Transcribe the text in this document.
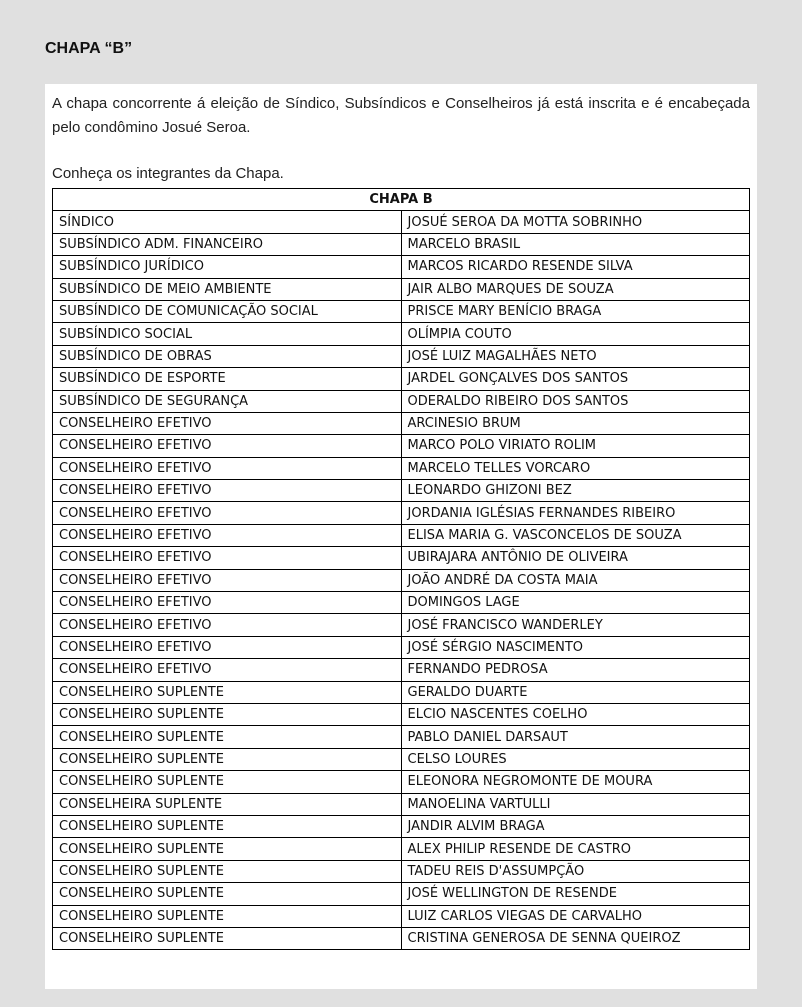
CHAPA “B”

A chapa concorrente á eleição de Síndico, Subsíndicos e Conselheiros já está inscrita e é encabeçada pelo condômino Josué Seroa.

Conheça os integrantes da Chapa.

CHAPA B	
SÍNDICO	JOSUÉ SEROA DA MOTTA SOBRINHO
SUBSÍNDICO ADM. FINANCEIRO	MARCELO BRASIL
SUBSÍNDICO JURÍDICO	MARCOS RICARDO RESENDE SILVA
SUBSÍNDICO DE MEIO AMBIENTE	JAIR ALBO MARQUES DE SOUZA
SUBSÍNDICO DE COMUNICAÇÃO SOCIAL	PRISCE MARY BENÍCIO BRAGA
SUBSÍNDICO SOCIAL	OLÍMPIA COUTO
SUBSÍNDICO DE OBRAS	JOSÉ LUIZ MAGALHÃES NETO
SUBSÍNDICO DE ESPORTE	JARDEL GONÇALVES DOS SANTOS
SUBSÍNDICO DE SEGURANÇA	ODERALDO RIBEIRO DOS SANTOS
CONSELHEIRO EFETIVO	ARCINESIO BRUM
CONSELHEIRO EFETIVO	MARCO POLO VIRIATO ROLIM
CONSELHEIRO EFETIVO	MARCELO TELLES VORCARO
CONSELHEIRO EFETIVO	LEONARDO GHIZONI BEZ
CONSELHEIRO EFETIVO	JORDANIA IGLÉSIAS FERNANDES RIBEIRO
CONSELHEIRO EFETIVO	ELISA MARIA G. VASCONCELOS DE SOUZA
CONSELHEIRO EFETIVO	UBIRAJARA ANTÔNIO DE OLIVEIRA
CONSELHEIRO EFETIVO	JOÃO ANDRÉ DA COSTA MAIA
CONSELHEIRO EFETIVO	DOMINGOS LAGE
CONSELHEIRO EFETIVO	JOSÉ FRANCISCO WANDERLEY
CONSELHEIRO EFETIVO	JOSÉ SÉRGIO NASCIMENTO
CONSELHEIRO EFETIVO	FERNANDO PEDROSA
CONSELHEIRO SUPLENTE	GERALDO DUARTE
CONSELHEIRO SUPLENTE	ELCIO NASCENTES COELHO
CONSELHEIRO SUPLENTE	PABLO DANIEL DARSAUT
CONSELHEIRO SUPLENTE	CELSO LOURES
CONSELHEIRO SUPLENTE	ELEONORA NEGROMONTE DE MOURA
CONSELHEIRA SUPLENTE	MANOELINA VARTULLI
CONSELHEIRO SUPLENTE	JANDIR ALVIM BRAGA
CONSELHEIRO SUPLENTE	ALEX PHILIP RESENDE DE CASTRO
CONSELHEIRO SUPLENTE	TADEU REIS D'ASSUMPÇÃO
CONSELHEIRO SUPLENTE	JOSÉ WELLINGTON DE RESENDE
CONSELHEIRO SUPLENTE	LUIZ CARLOS VIEGAS DE CARVALHO
CONSELHEIRO SUPLENTE	CRISTINA GENEROSA DE SENNA QUEIROZ
